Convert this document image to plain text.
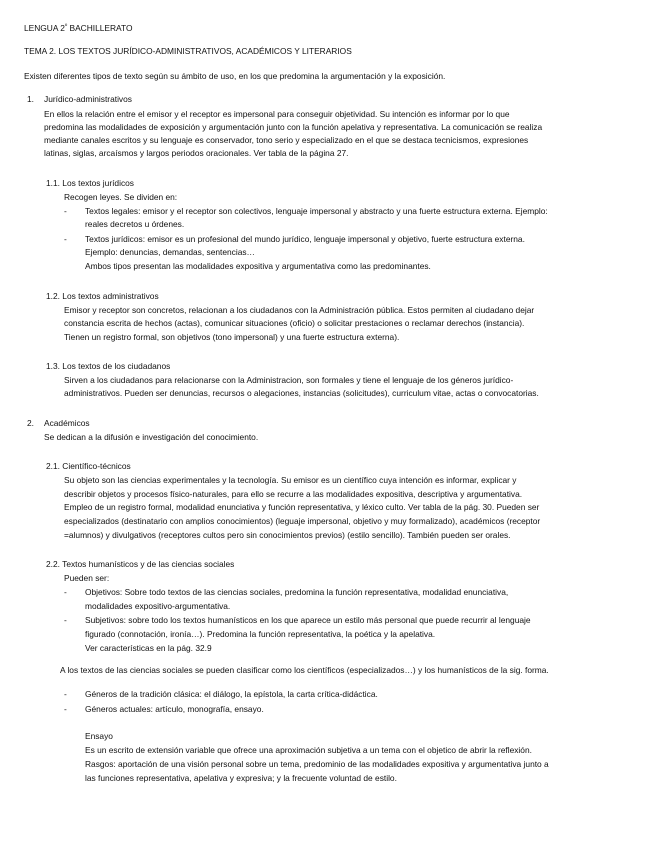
LENGUA $2^º$ BACHILLERATO
TEMA 2. LOS TEXTOS JURÍDICO-ADMINISTRATIVOS, ACADÉMICOS Y LITERARIOS
Existen diferentes tipos de texto según su ámbito de uso, en los que predomina la argumentación y la exposición.
1. Jurídico-administrativos
En ellos la relación entre el emisor y el receptor es impersonal para conseguir objetividad. Su intención es informar por lo que
predomina las modalidades de exposición y argumentación junto con la función apelativa y representativa. La comunicación se realiza
mediante canales escritos y su lenguaje es conservador, tono serio y especializado en el que se destaca tecnicismos, expresiones
latinas, siglas, arcaísmos y largos periodos oracionales. Ver tabla de la página 27.
1.1. Los textos jurídicos
Recogen leyes. Se dividen en:
- Textos legales: emisor y el receptor son colectivos, lenguaje impersonal y abstracto y una fuerte estructura externa. Ejemplo:
reales decretos u órdenes.
- Textos jurídicos: emisor es un profesional del mundo jurídico, lenguaje impersonal y objetivo, fuerte estructura externa.
Ejemplo: denuncias, demandas, sentencias…
Ambos tipos presentan las modalidades expositiva y argumentativa como las predominantes.
1.2. Los textos administrativos
Emisor y receptor son concretos, relacionan a los ciudadanos con la Administración pública. Estos permiten al ciudadano dejar
constancia escrita de hechos (actas), comunicar situaciones (oficio) o solicitar prestaciones o reclamar derechos (instancia).
Tienen un registro formal, son objetivos (tono impersonal) y una fuerte estructura externa).
1.3. Los textos de los ciudadanos
Sirven a los ciudadanos para relacionarse con la Administracion, son formales y tiene el lenguaje de los géneros jurídico-
administrativos. Pueden ser denuncias, recursos o alegaciones, instancias (solicitudes), curriculum vitae, actas o convocatorias.
2. Académicos
Se dedican a la difusión e investigación del conocimiento.
2.1. Científico-técnicos
Su objeto son las ciencias experimentales y la tecnología. Su emisor es un científico cuya intención es informar, explicar y
describir objetos y procesos físico-naturales, para ello se recurre a las modalidades expositiva, descriptiva y argumentativa.
Empleo de un registro formal, modalidad enunciativa y función representativa, y léxico culto. Ver tabla de la pág. 30. Pueden ser
especializados (destinatario con amplios conocimientos) (leguaje impersonal, objetivo y muy formalizado), académicos (receptor
=alumnos) y divulgativos (receptores cultos pero sin conocimientos previos) (estilo sencillo). También pueden ser orales.
2.2. Textos humanísticos y de las ciencias sociales
Pueden ser:
- Objetivos: Sobre todo textos de las ciencias sociales, predomina la función representativa, modalidad enunciativa,
modalidades expositivo-argumentativa.
- Subjetivos: sobre todo los textos humanísticos en los que aparece un estilo más personal que puede recurrir al lenguaje
figurado (connotación, ironía…). Predomina la función representativa, la poética y la apelativa.
Ver características en la pág. 32.9
A los textos de las ciencias sociales se pueden clasificar como los científicos (especializados…) y los humanísticos de la sig. forma.
- Géneros de la tradición clásica: el diálogo, la epístola, la carta crítica-didáctica.
- Géneros actuales: artículo, monografía, ensayo.
Ensayo
Es un escrito de extensión variable que ofrece una aproximación subjetiva a un tema con el objetico de abrir la reflexión.
Rasgos: aportación de una visión personal sobre un tema, predominio de las modalidades expositiva y argumentativa junto a
las funciones representativa, apelativa y expresiva; y la frecuente voluntad de estilo.
